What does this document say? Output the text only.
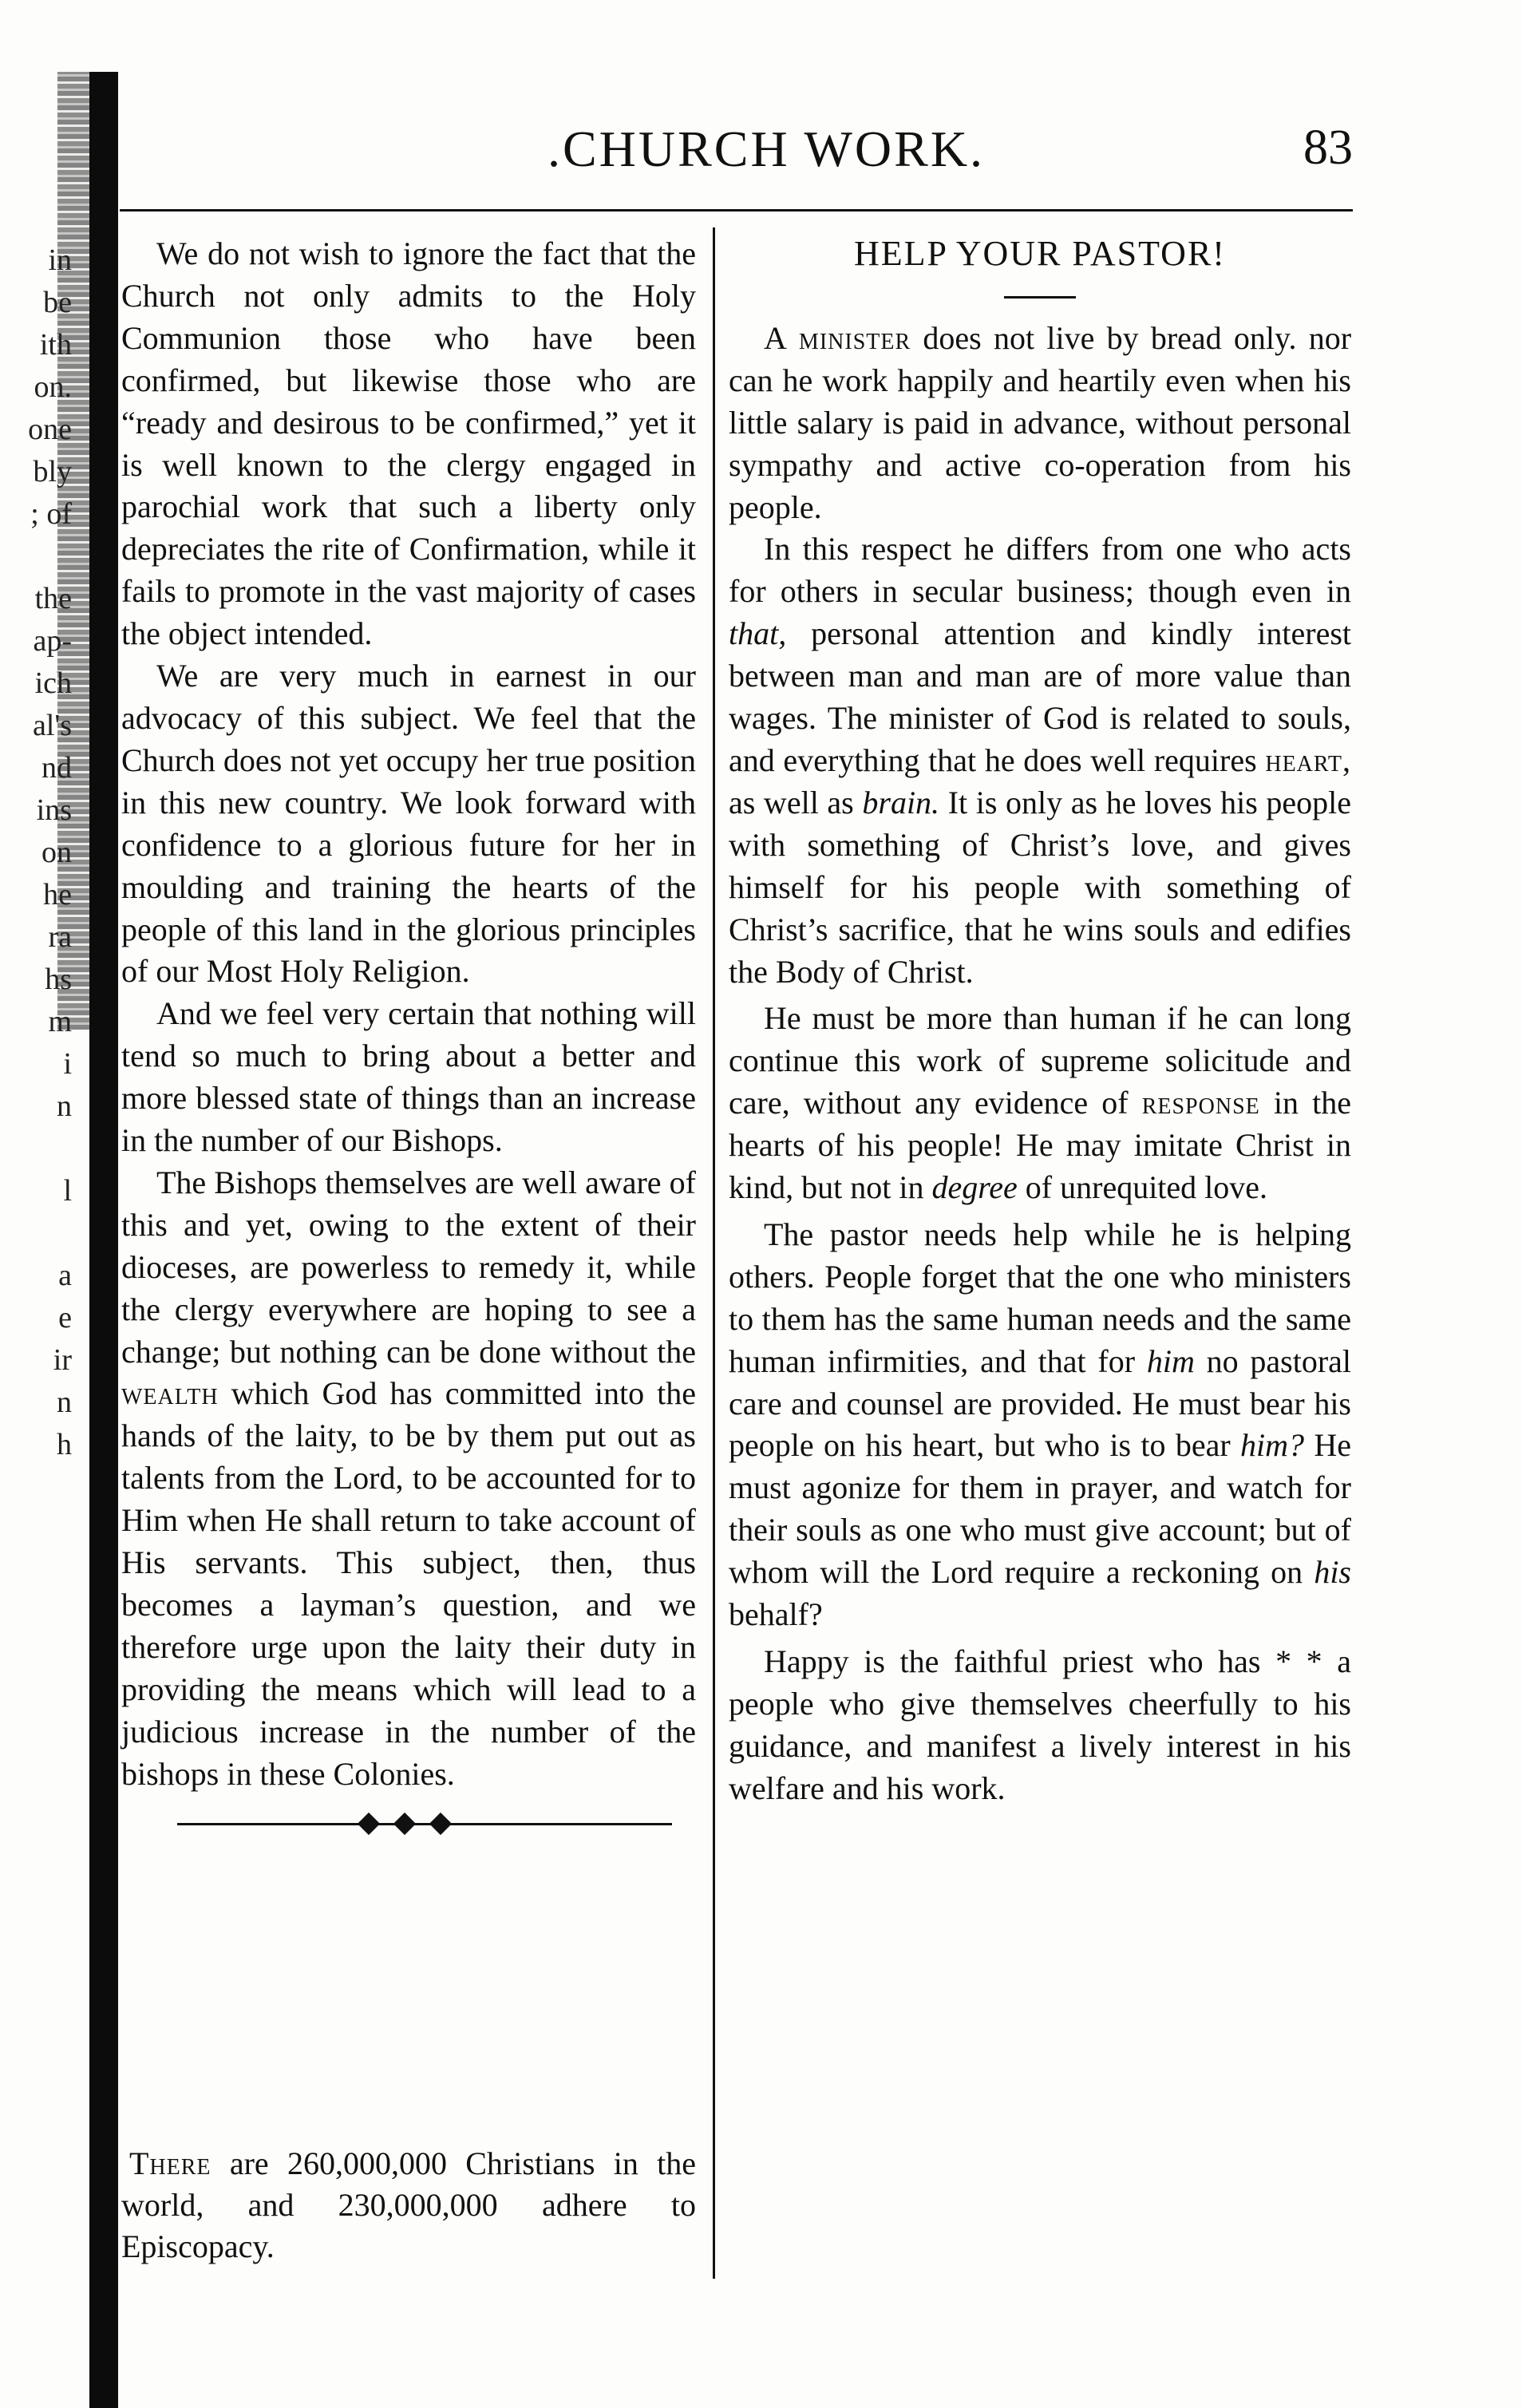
in
be
ith
on.
one
bly
; of

the
ap-
ich
al's
nd
ins
on
he
ra
hs
m
i
n

l

a
e
ir
n
h
.CHURCH WORK.	83

We do not wish to ignore the fact that the Church not only admits to the Holy Communion those who have been confirmed, but likewise those who are “ready and desirous to be confirmed,” yet it is well known to the clergy engaged in parochial work that such a liberty only depreciates the rite of Confirmation, while it fails to promote in the vast majority of cases the object intended.

We are very much in earnest in our advocacy of this subject. We feel that the Church does not yet occupy her true position in this new country. We look forward with confidence to a glorious future for her in moulding and training the hearts of the people of this land in the glorious principles of our Most Holy Religion.

And we feel very certain that nothing will tend so much to bring about a better and more blessed state of things than an increase in the number of our Bishops.

The Bishops themselves are well aware of this and yet, owing to the extent of their dioceses, are powerless to remedy it, while the clergy everywhere are hoping to see a change; but nothing can be done without the wealth which God has committed into the hands of the laity, to be by them put out as talents from the Lord, to be accounted for to Him when He shall return to take account of His servants. This subject, then, thus becomes a layman’s question, and we therefore urge upon the laity their duty in providing the means which will lead to a judicious increase in the number of the bishops in these Colonies.

There are 260,000,000 Christians in the world, and 230,000,000 adhere to Episcopacy.

HELP YOUR PASTOR!

A minister does not live by bread only. nor can he work happily and heartily even when his little salary is paid in advance, without personal sympathy and active co-operation from his people.

In this respect he differs from one who acts for others in secular business; though even in that, personal attention and kindly interest between man and man are of more value than wages. The minister of God is related to souls, and everything that he does well requires heart, as well as brain. It is only as he loves his people with something of Christ’s love, and gives himself for his people with something of Christ’s sacrifice, that he wins souls and edifies the Body of Christ.

He must be more than human if he can long continue this work of supreme solicitude and care, without any evidence of response in the hearts of his people! He may imitate Christ in kind, but not in degree of unrequited love.

The pastor needs help while he is helping others. People forget that the one who ministers to them has the same human needs and the same human infirmities, and that for him no pastoral care and counsel are provided. He must bear his people on his heart, but who is to bear him? He must agonize for them in prayer, and watch for their souls as one who must give account; but of whom will the Lord require a reckoning on his behalf?

Happy is the faithful priest who has * * a people who give themselves cheerfully to his guidance, and manifest a lively interest in his welfare and his work.
